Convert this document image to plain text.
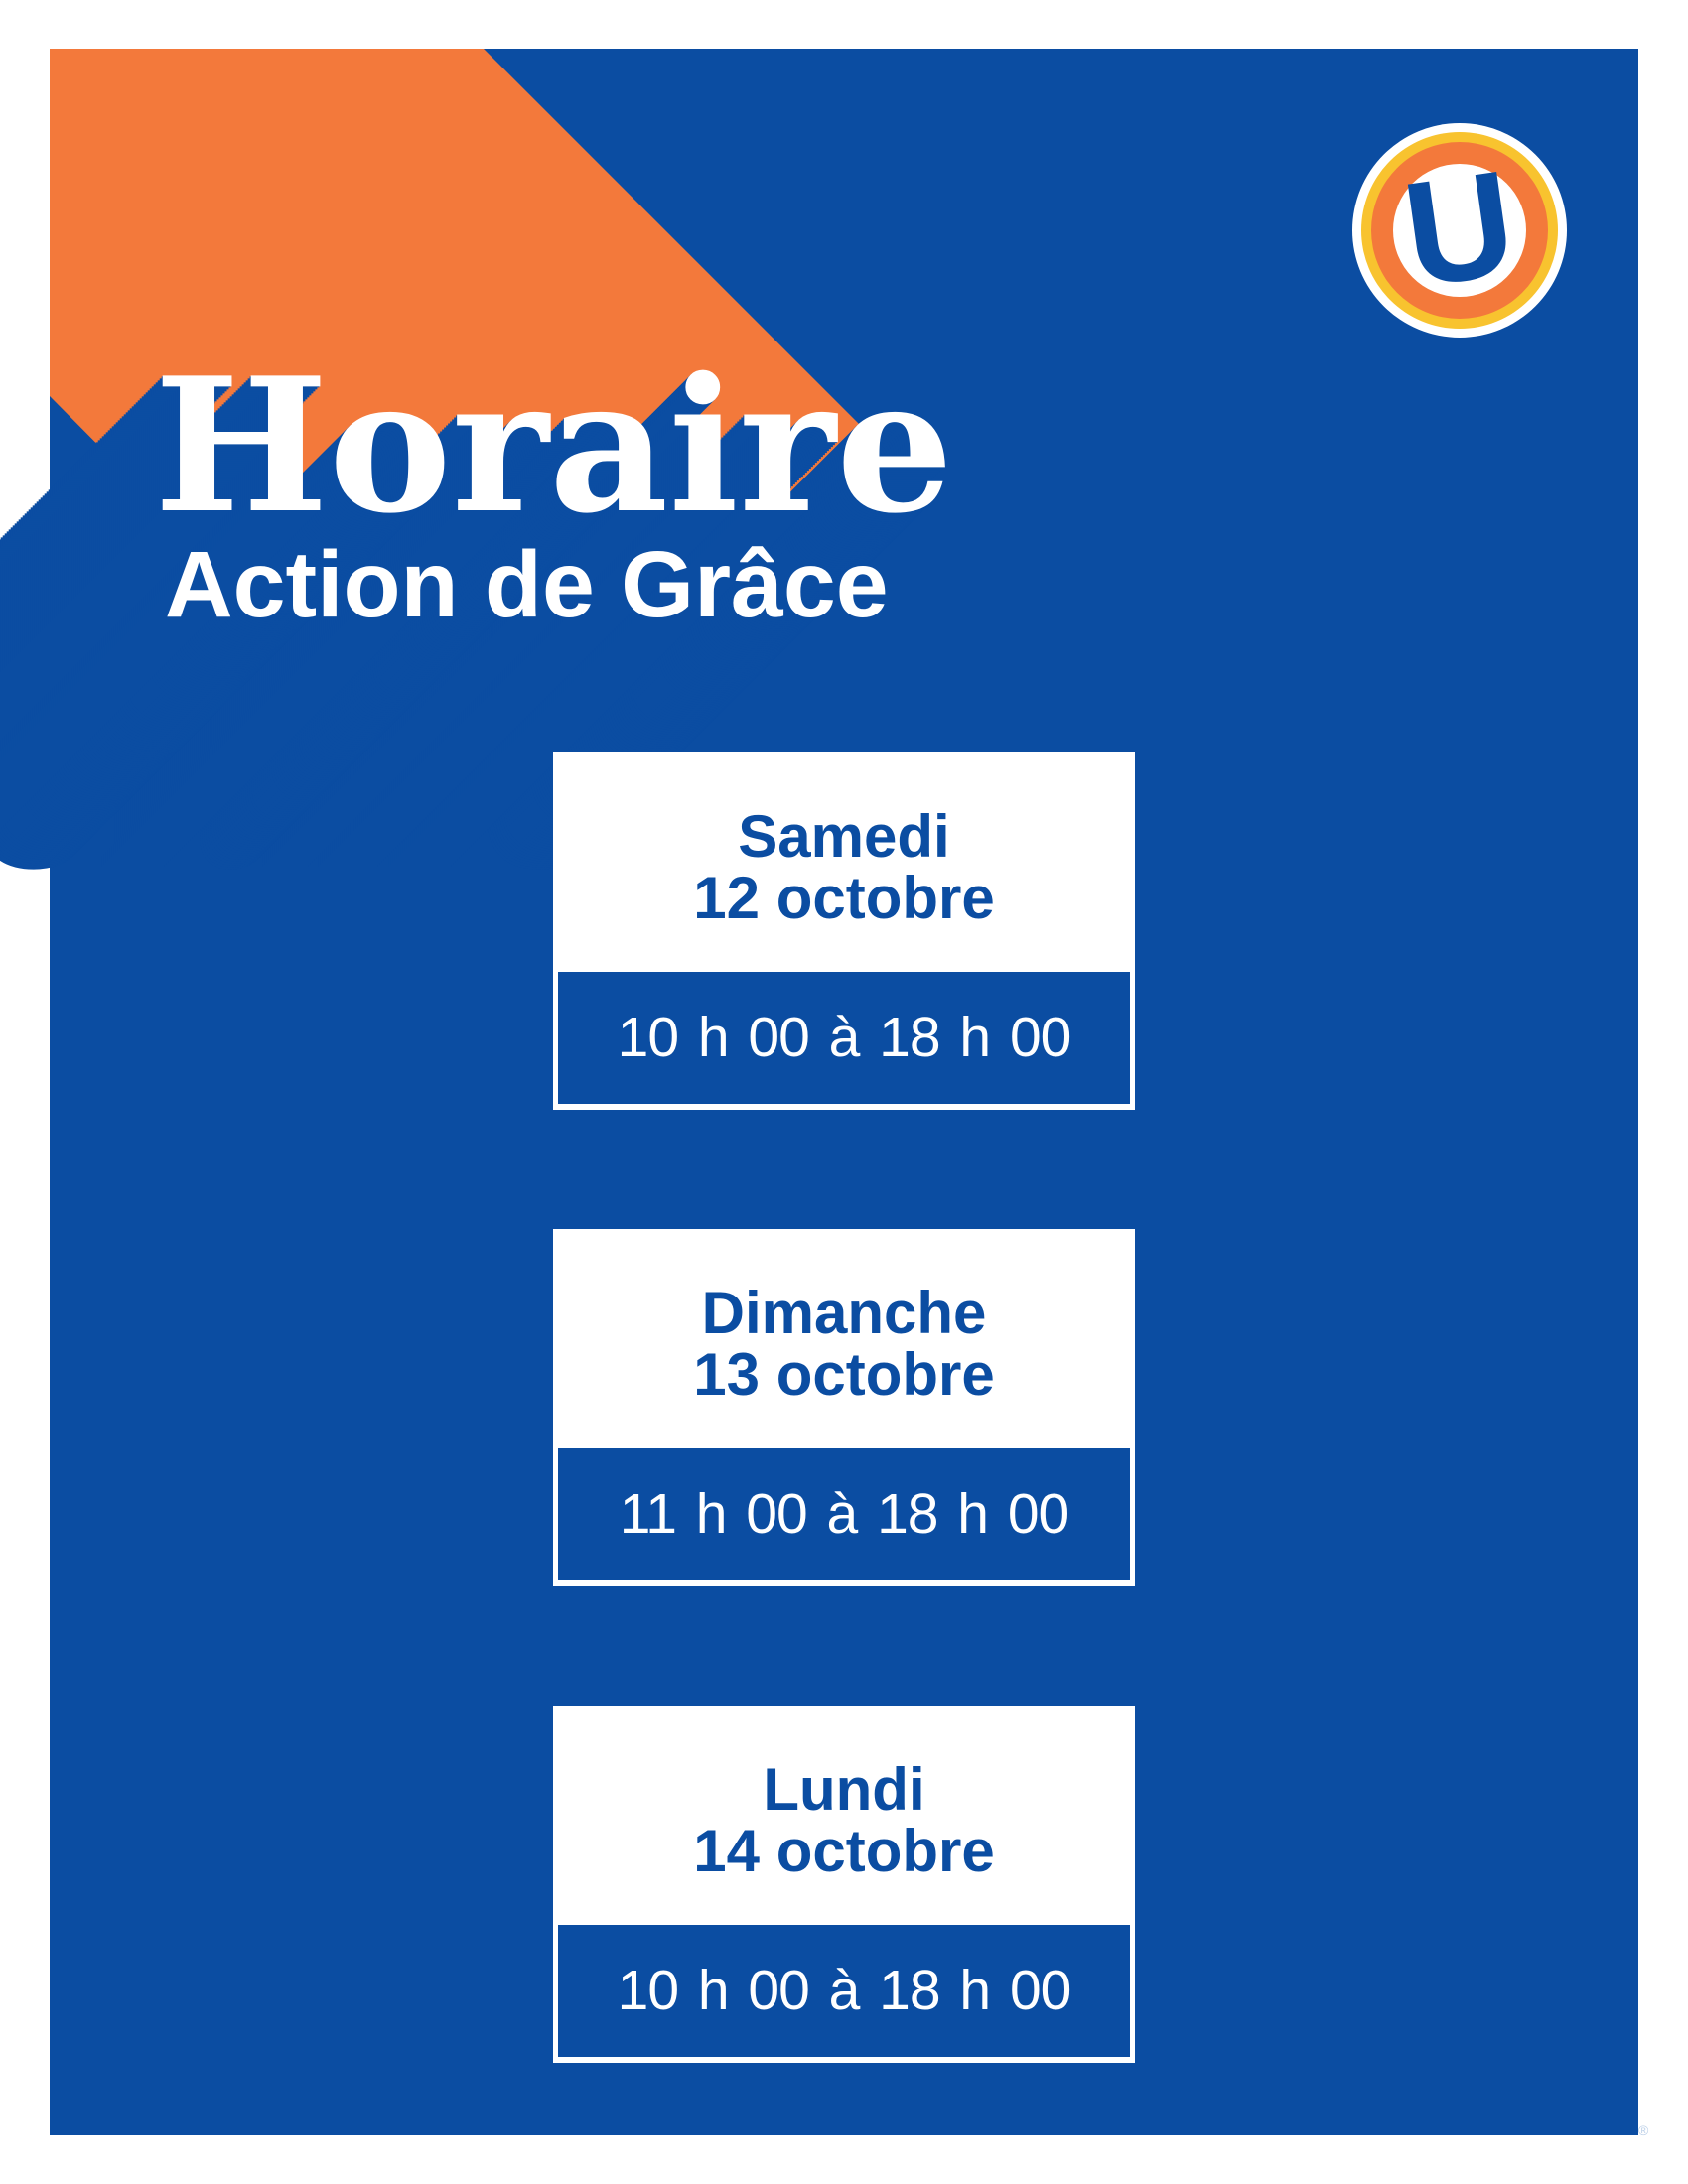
Horaire
Action de Grâce
U
Samedi
12 octobre
10 h 00 à 18 h 00
Dimanche
13 octobre
11 h 00 à 18 h 00
Lundi
14 octobre
10 h 00 à 18 h 00
®
